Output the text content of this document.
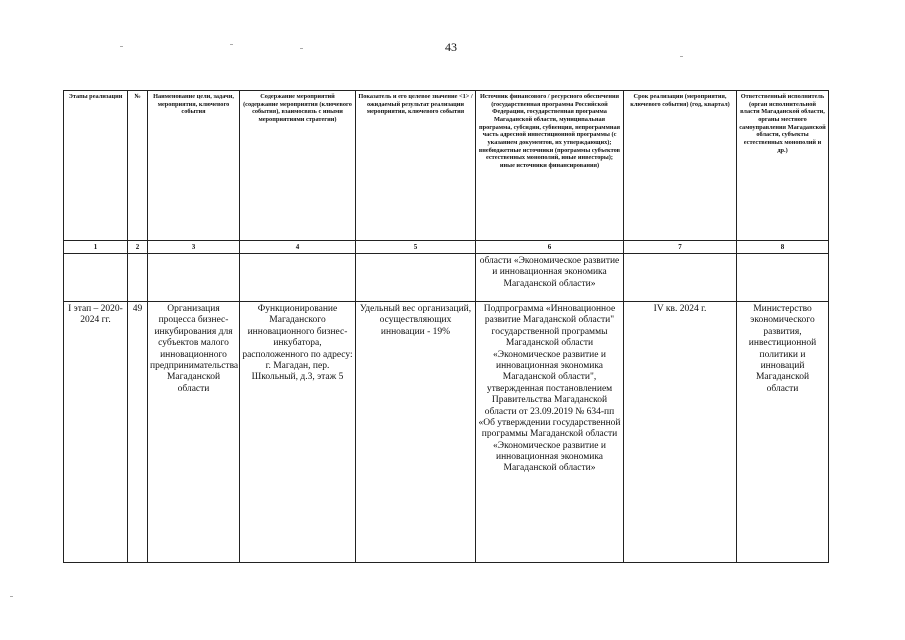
43
Этапы реализации	№	Наименование цели, задачи, мероприятия, ключевого события	Содержание мероприятий (содержание мероприятия (ключевого события), взаимосвязь с иными мероприятиями стратегии)	Показатель и его целевое значение <1> /ожидаемый результат реализации мероприятия, ключевого события	Источник финансового / ресурсного обеспечения (государственная программа Российской Федерации, государственная программа Магаданской области, муниципальная программа, субсидии, субвенция, непрограммная часть адресной инвестиционной программы (с указанием документов, их утверждающих); внебюджетные источники (программы субъектов естественных монополий, иные инвесторы); иные источники финансирования)	Срок реализации (мероприятия, ключевого события) (год, квартал)	Ответственный исполнитель (орган исполнительной власти Магаданской области, органы местного самоуправления Магаданской области, субъекты естественных монополий и др.)
1	2	3	4	5	6	7	8
					области «Экономическое развитие и инновационная экономика Магаданской области»		
I этап – 2020-2024 гг.	49	Организация процесса бизнес-инкубирования для субъектов малого инновационного предпринимательства Магаданской области	Функционирование Магаданского инновационного бизнес-инкубатора, расположенного по адресу: г. Магадан, пер. Школьный, д.3, этаж 5	Удельный вес организаций, осуществляющих инновации - 19%	Подпрограмма «Инновационное развитие Магаданской области" государственной программы Магаданской области «Экономическое развитие и инновационная экономика Магаданской области", утвержденная постановлением Правительства Магаданской области от 23.09.2019 № 634-пп «Об утверждении государственной программы Магаданской области «Экономическое развитие и инновационная экономика Магаданской области»	IV кв. 2024 г.	Министерство экономического развития, инвестиционной политики и инноваций Магаданской области
